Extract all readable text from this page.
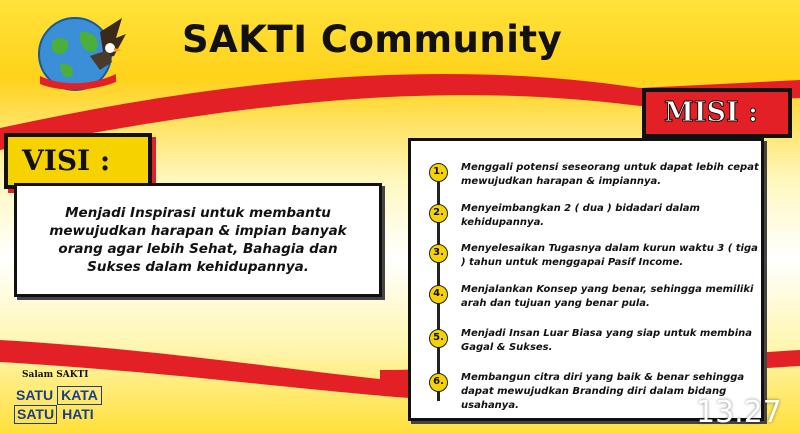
SAKTI Community
VISI :
Menjadi Inspirasi untuk membantu mewujudkan harapan & impian banyak orang agar lebih Sehat, Bahagia dan Sukses dalam kehidupannya.
MISI :
1.	Menggali potensi seseorang untuk dapat lebih cepat mewujudkan harapan & impiannya.
2.	Menyeimbangkan 2 ( dua ) bidadari dalam kehidupannya.
3.	Menyelesaikan Tugasnya dalam kurun waktu 3 ( tiga ) tahun untuk menggapai Pasif Income.
4.	Menjalankan Konsep yang benar, sehingga memiliki arah dan tujuan yang benar pula.
5.	Menjadi Insan Luar Biasa yang siap untuk membina Gagal & Sukses.
6.	Membangun citra diri yang baik & benar sehingga dapat mewujudkan Branding diri dalam bidang usahanya.
Salam SAKTI
SATU KATA
SATU HATI	13.27
